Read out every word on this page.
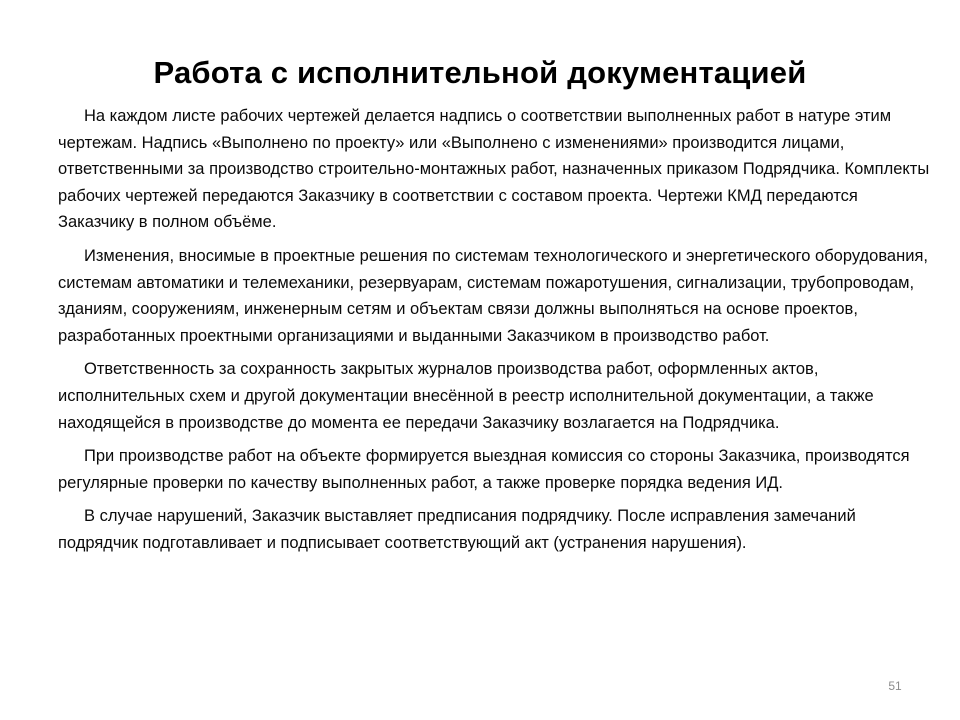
Работа с исполнительной документацией

На каждом листе рабочих чертежей делается надпись о соответствии выполненных работ в натуре этим чертежам. Надпись «Выполнено по проекту» или «Выполнено с изменениями» производится лицами, ответственными за производство строительно-монтажных работ, назначенных приказом Подрядчика. Комплекты рабочих чертежей передаются Заказчику в соответствии с составом проекта. Чертежи КМД передаются Заказчику в полном объёме.

Изменения, вносимые в проектные решения по системам технологического и энергетического оборудования, системам автоматики и телемеханики, резервуарам, системам пожаротушения, сигнализации, трубопроводам, зданиям, сооружениям, инженерным сетям и объектам связи должны выполняться на основе проектов, разработанных проектными организациями и выданными Заказчиком в производство работ.

Ответственность за сохранность закрытых журналов производства работ, оформленных актов, исполнительных схем и другой документации внесённой в реестр исполнительной документации, а также находящейся в производстве до момента ее передачи Заказчику возлагается на Подрядчика.

При производстве работ на объекте формируется выездная комиссия со стороны Заказчика, производятся регулярные проверки по качеству выполненных работ, а также проверке порядка ведения ИД.

В случае нарушений, Заказчик выставляет предписания подрядчику. После исправления замечаний подрядчик подготавливает и подписывает соответствующий акт (устранения нарушения).

51
